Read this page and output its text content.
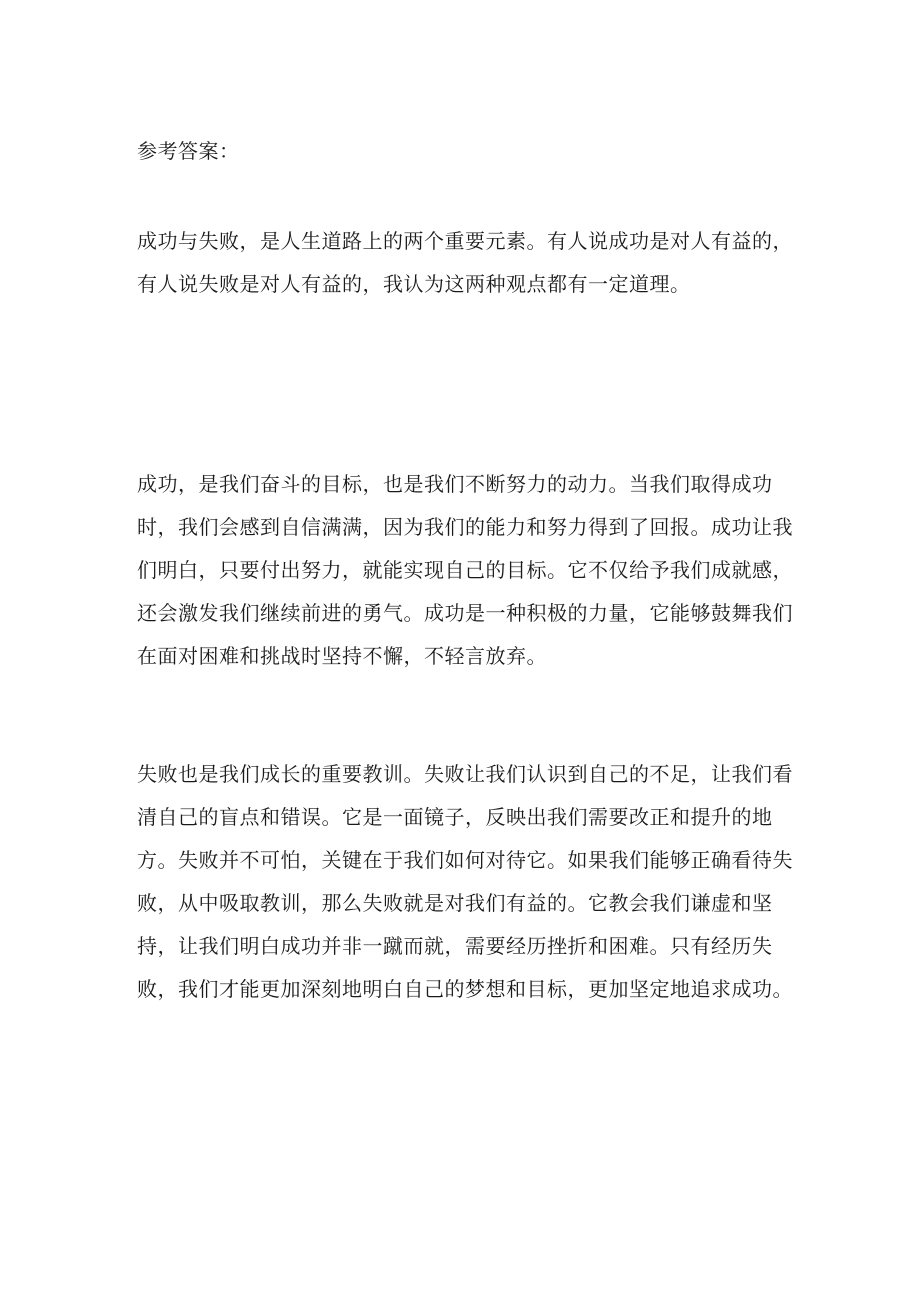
参考答案：

成功与失败，是人生道路上的两个重要元素。有人说成功是对人有益的，有人说失败是对人有益的，我认为这两种观点都有一定道理。

成功，是我们奋斗的目标，也是我们不断努力的动力。当我们取得成功时，我们会感到自信满满，因为我们的能力和努力得到了回报。成功让我们明白，只要付出努力，就能实现自己的目标。它不仅给予我们成就感，还会激发我们继续前进的勇气。成功是一种积极的力量，它能够鼓舞我们在面对困难和挑战时坚持不懈，不轻言放弃。

失败也是我们成长的重要教训。失败让我们认识到自己的不足，让我们看清自己的盲点和错误。它是一面镜子，反映出我们需要改正和提升的地方。失败并不可怕，关键在于我们如何对待它。如果我们能够正确看待失败，从中吸取教训，那么失败就是对我们有益的。它教会我们谦虚和坚持，让我们明白成功并非一蹴而就，需要经历挫折和困难。只有经历失败，我们才能更加深刻地明白自己的梦想和目标，更加坚定地追求成功。
